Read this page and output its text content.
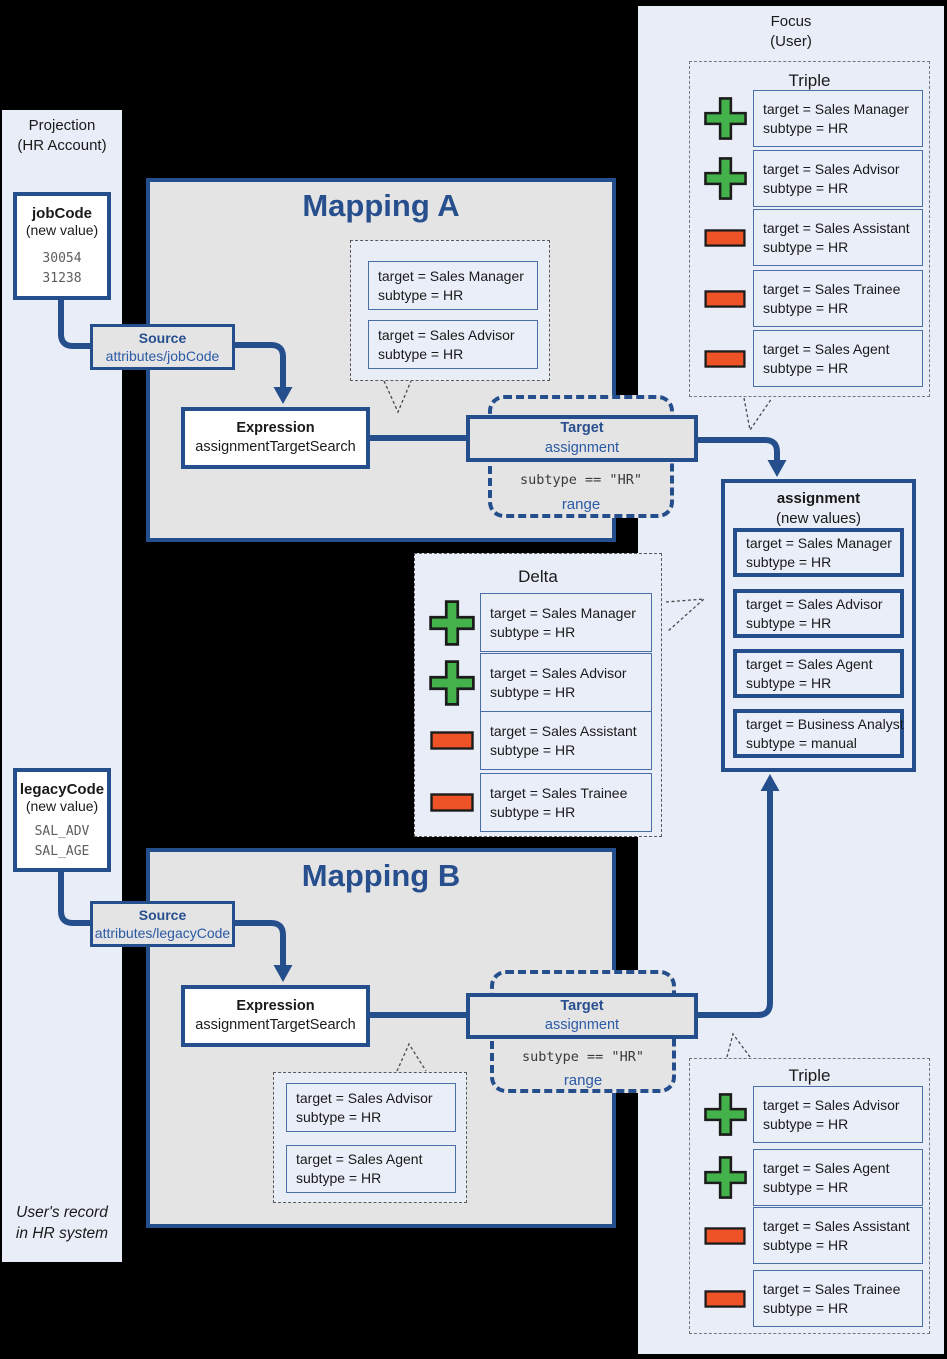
Projection
(HR Account)
jobCode
(new value)
30054
31238
legacyCode
(new value)
SAL_ADV
SAL_AGE
User's record
in HR system
Mapping A
target = Sales Manager
subtype = HR
target = Sales Advisor
subtype = HR
Source
attributes/jobCode
Expression
assignmentTargetSearch
Target
assignment
subtype == "HR"
range
Mapping B
Source
attributes/legacyCode
Expression
assignmentTargetSearch
Target
assignment
subtype == "HR"
range
target = Sales Advisor
subtype = HR
target = Sales Agent
subtype = HR
Delta
target = Sales Manager
subtype = HR
target = Sales Advisor
subtype = HR
target = Sales Assistant
subtype = HR
target = Sales Trainee
subtype = HR
Focus
(User)
Triple
target = Sales Manager
subtype = HR
target = Sales Advisor
subtype = HR
target = Sales Assistant
subtype = HR
target = Sales Trainee
subtype = HR
target = Sales Agent
subtype = HR
assignment
(new values)
target = Sales Manager
subtype = HR
target = Sales Advisor
subtype = HR
target = Sales Agent
subtype = HR
target = Business Analyst
subtype = manual
Triple
target = Sales Advisor
subtype = HR
target = Sales Agent
subtype = HR
target = Sales Assistant
subtype = HR
target = Sales Trainee
subtype = HR
